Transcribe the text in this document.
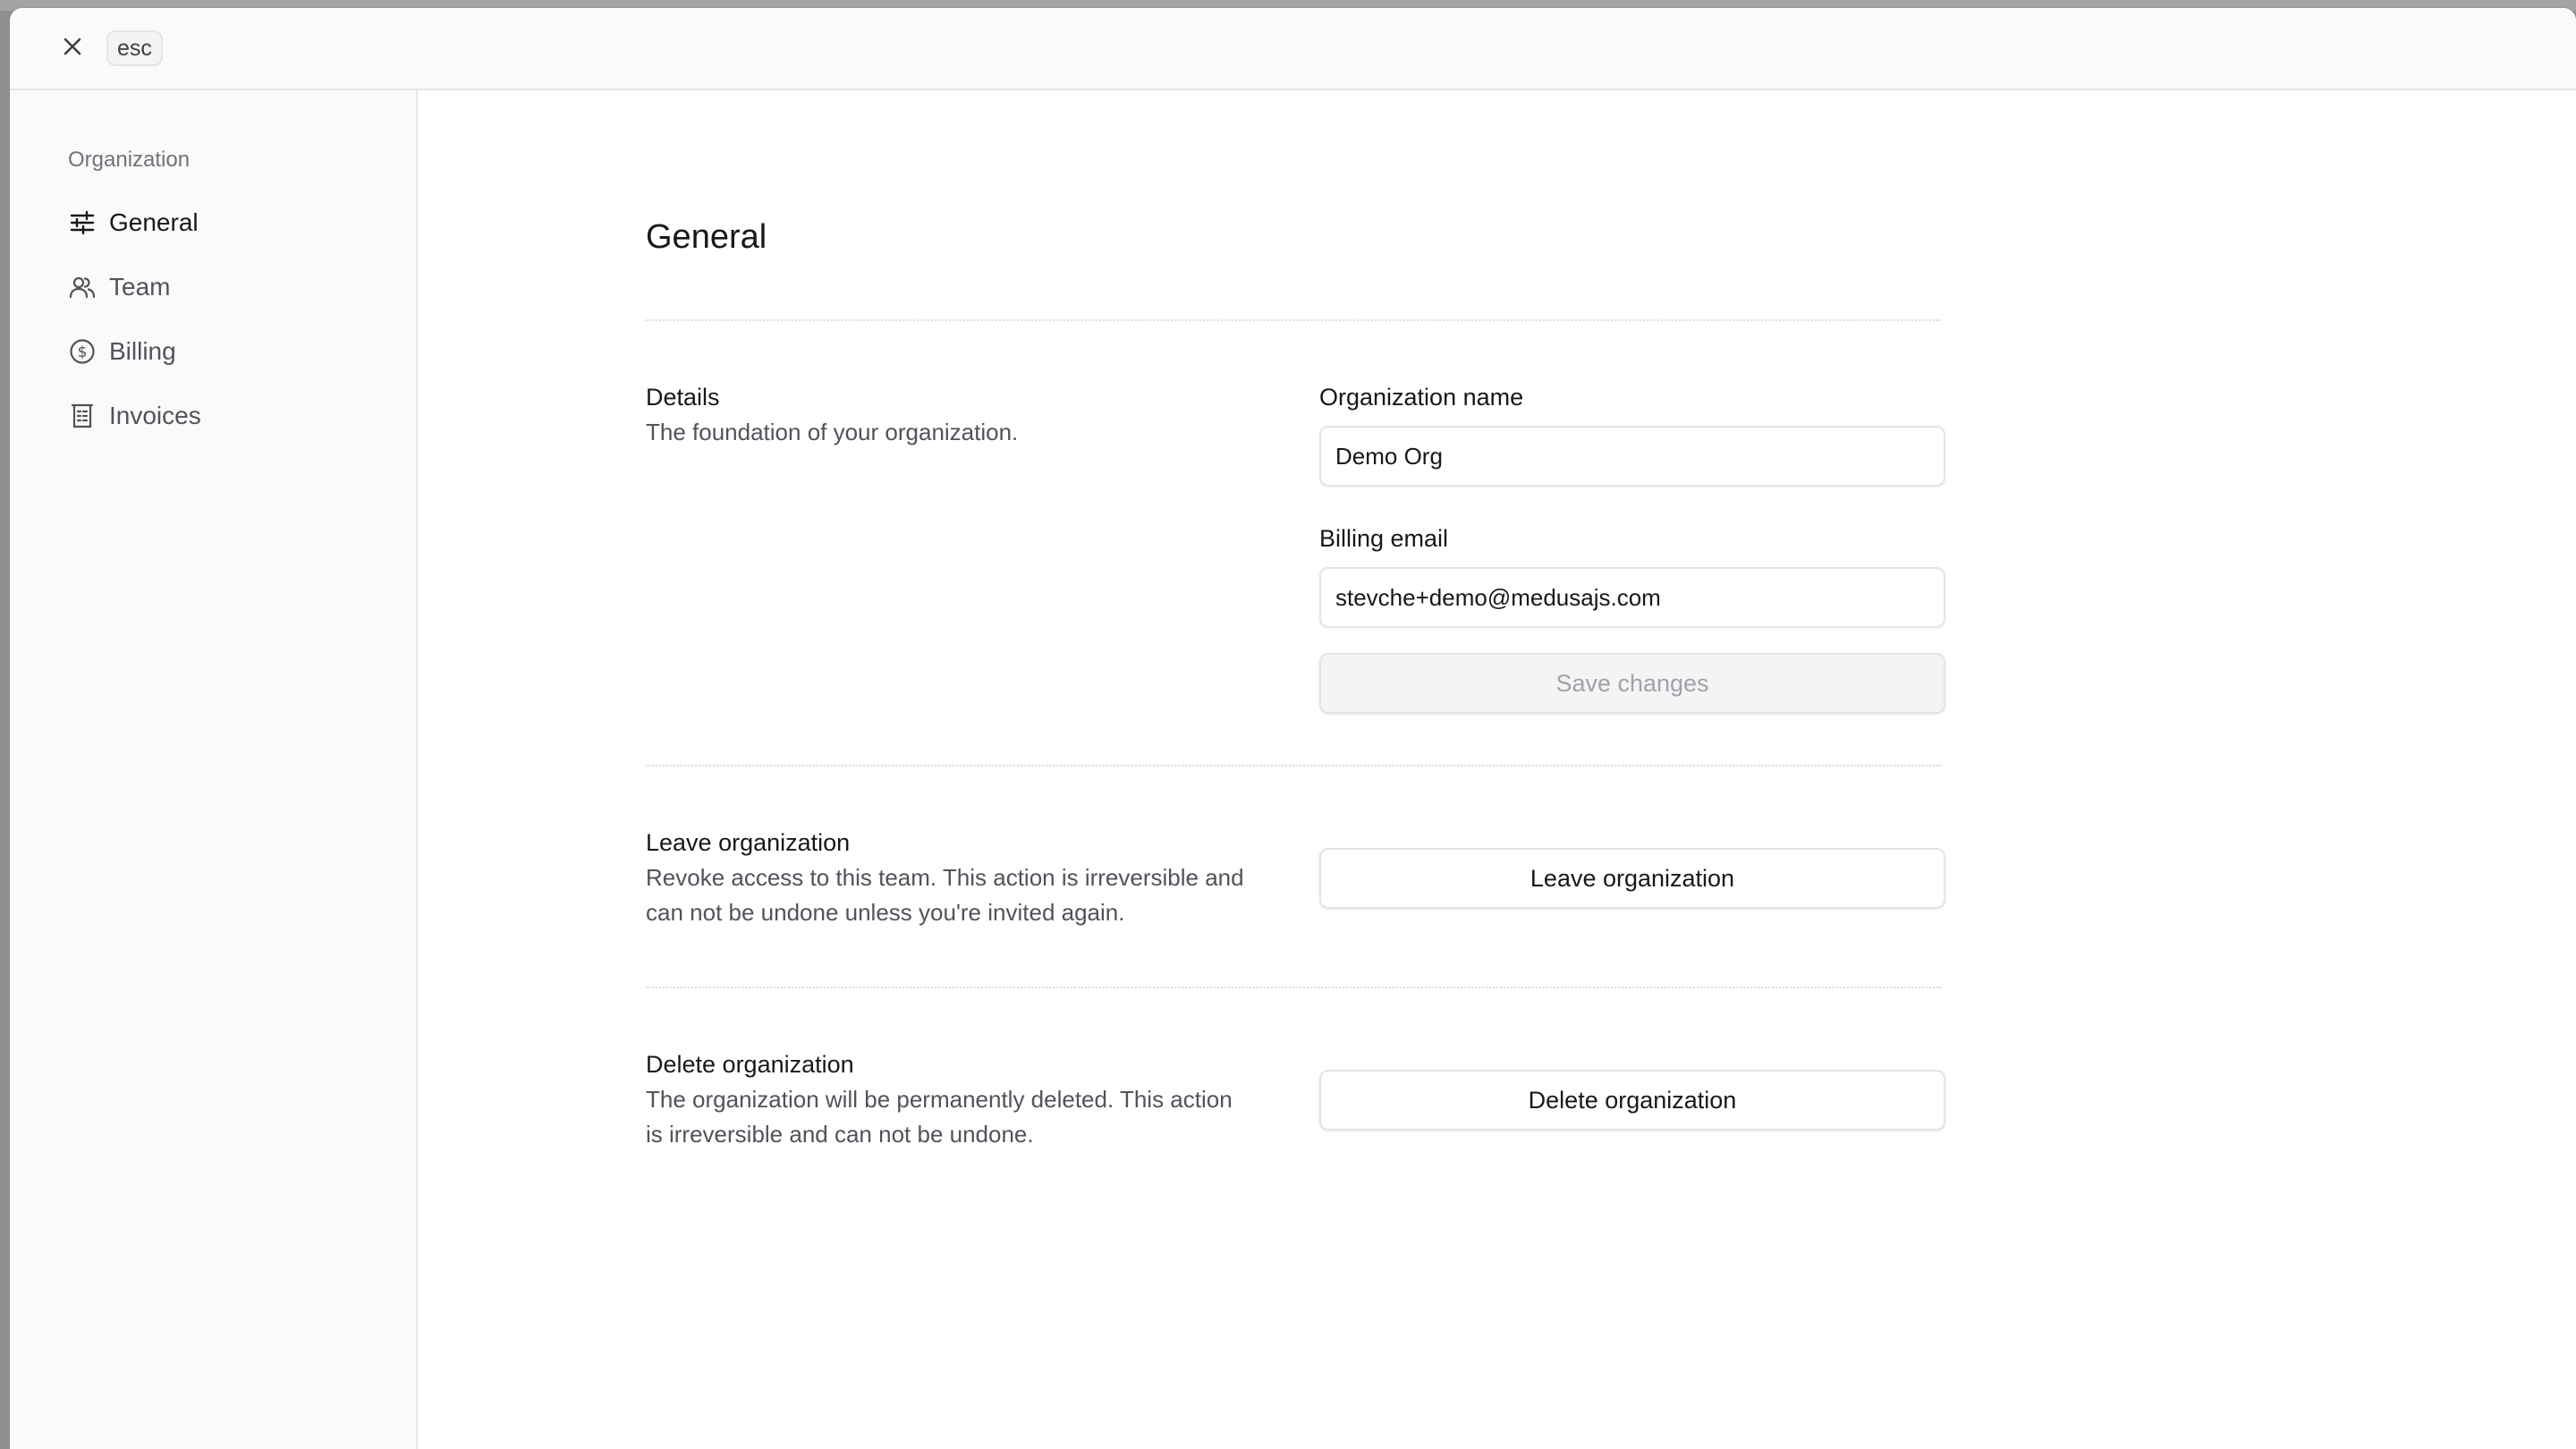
esc
Organization
General
Team
$ Billing
Invoices
General
Details
The foundation of your organization.
Organization name
Demo Org
Billing email
stevche+demo@medusajs.com
Save changes
Leave organization
Revoke access to this team. This action is irreversible and can not be undone unless you're invited again.
Leave organization
Delete organization
The organization will be permanently deleted. This action is irreversible and can not be undone.
Delete organization
